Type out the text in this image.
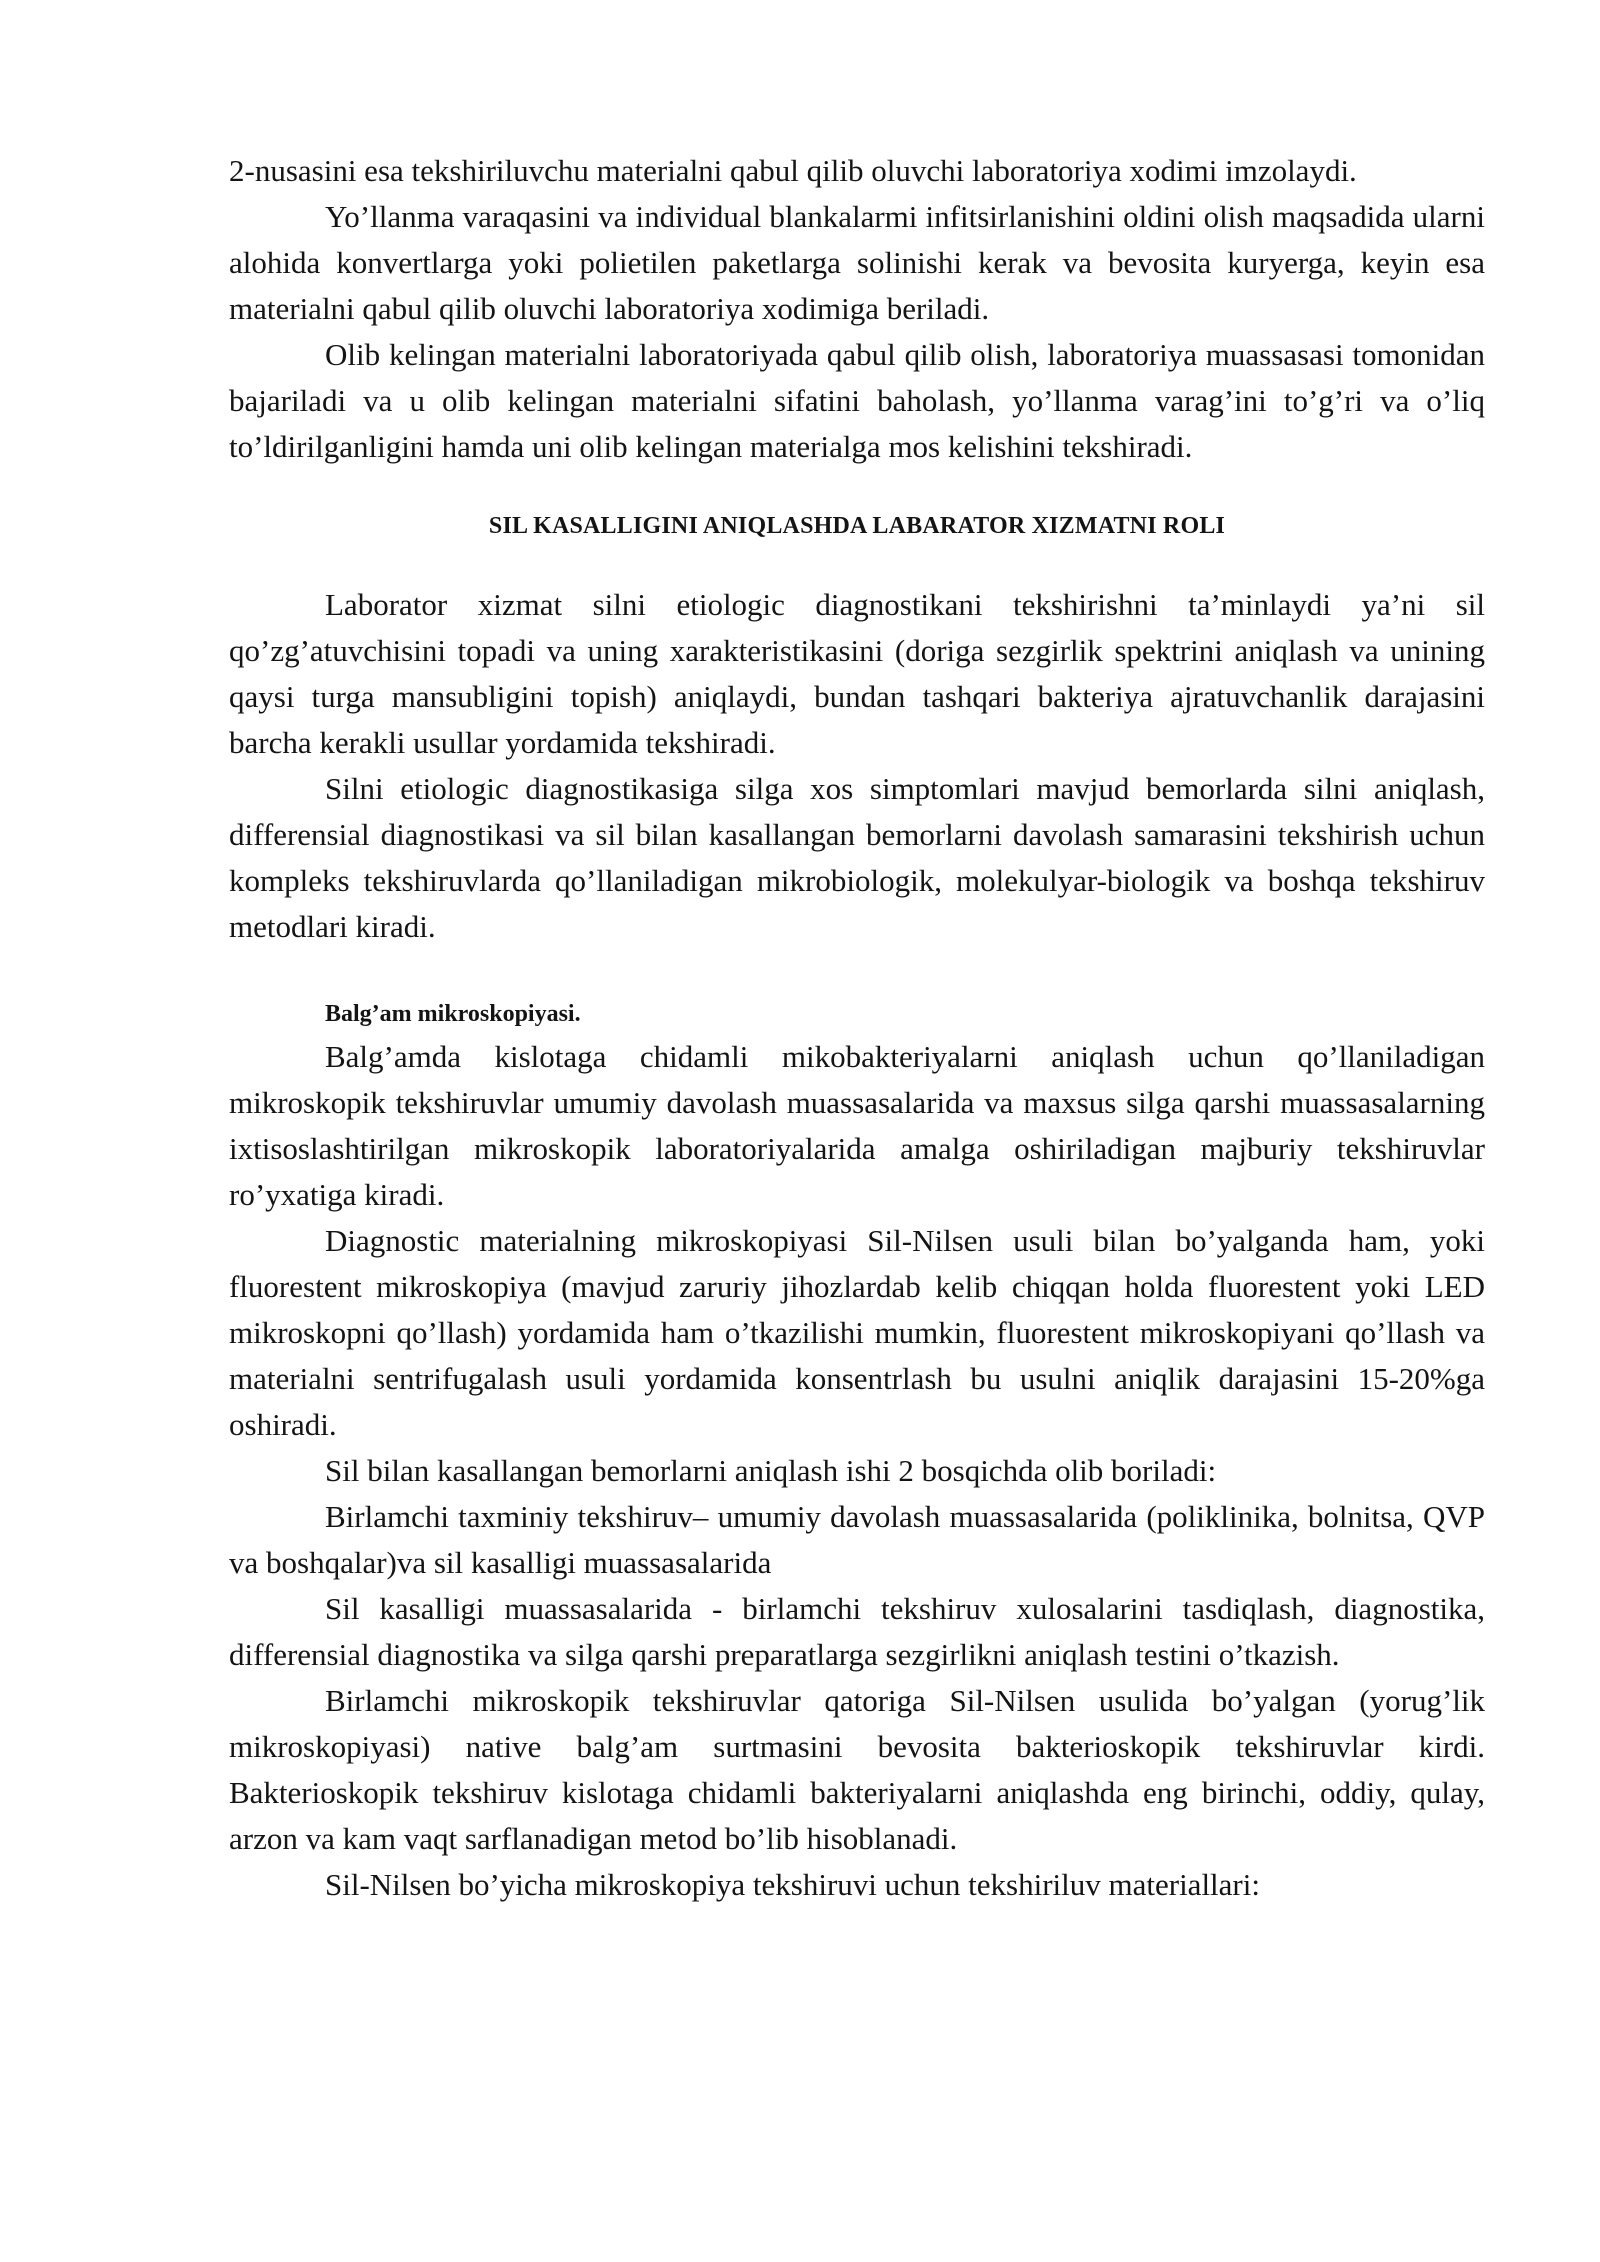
2-nusasini esa tekshiriluvchu materialni qabul qilib oluvchi laboratoriya xodimi imzolaydi.

Yo’llanma varaqasini va individual blankalarmi infitsirlanishini oldini olish maqsadida ularni alohida konvertlarga yoki polietilen paketlarga solinishi kerak va bevosita kuryerga, keyin esa materialni qabul qilib oluvchi laboratoriya xodimiga beriladi.

Olib kelingan materialni laboratoriyada qabul qilib olish, laboratoriya muassasasi tomonidan bajariladi va u olib kelingan materialni sifatini baholash, yo’llanma varag’ini to’g’ri va o’liq to’ldirilganligini hamda uni olib kelingan materialga mos kelishini tekshiradi.

SIL KASALLIGINI ANIQLASHDA LABARATOR XIZMATNI ROLI

Laborator xizmat silni etiologic diagnostikani tekshirishni ta’minlaydi ya’ni sil qo’zg’atuvchisini topadi va uning xarakteristikasini (doriga sezgirlik spektrini aniqlash va unining qaysi turga mansubligini topish) aniqlaydi, bundan tashqari bakteriya ajratuvchanlik darajasini barcha kerakli usullar yordamida tekshiradi.

Silni etiologic diagnostikasiga silga xos simptomlari mavjud bemorlarda silni aniqlash, differensial diagnostikasi va sil bilan kasallangan bemorlarni davolash samarasini tekshirish uchun kompleks tekshiruvlarda qo’llaniladigan mikrobiologik, molekulyar-biologik va boshqa tekshiruv metodlari kiradi.

Balg’am mikroskopiyasi.

Balg’amda kislotaga chidamli mikobakteriyalarni aniqlash uchun qo’llaniladigan mikroskopik tekshiruvlar umumiy davolash muassasalarida va maxsus silga qarshi muassasalarning ixtisoslashtirilgan mikroskopik laboratoriyalarida amalga oshiriladigan majburiy tekshiruvlar ro’yxatiga kiradi.

Diagnostic materialning mikroskopiyasi Sil-Nilsen usuli bilan bo’yalganda ham, yoki fluorestent mikroskopiya (mavjud zaruriy jihozlardab kelib chiqqan holda fluorestent yoki LED mikroskopni qo’llash) yordamida ham o’tkazilishi mumkin, fluorestent mikroskopiyani qo’llash va materialni sentrifugalash usuli yordamida konsentrlash bu usulni aniqlik darajasini 15-20%ga oshiradi.

Sil bilan kasallangan bemorlarni aniqlash ishi 2 bosqichda olib boriladi:

Birlamchi taxminiy tekshiruv– umumiy davolash muassasalarida (poliklinika, bolnitsa, QVP va boshqalar)va sil kasalligi muassasalarida

Sil kasalligi muassasalarida - birlamchi tekshiruv xulosalarini tasdiqlash, diagnostika, differensial diagnostika va silga qarshi preparatlarga sezgirlikni aniqlash testini o’tkazish.

Birlamchi mikroskopik tekshiruvlar qatoriga Sil-Nilsen usulida bo’yalgan (yorug’lik mikroskopiyasi) native balg’am surtmasini bevosita bakterioskopik tekshiruvlar kirdi. Bakterioskopik tekshiruv kislotaga chidamli bakteriyalarni aniqlashda eng birinchi, oddiy, qulay, arzon va kam vaqt sarflanadigan metod bo’lib hisoblanadi.

Sil-Nilsen bo’yicha mikroskopiya tekshiruvi uchun tekshiriluv materiallari:
